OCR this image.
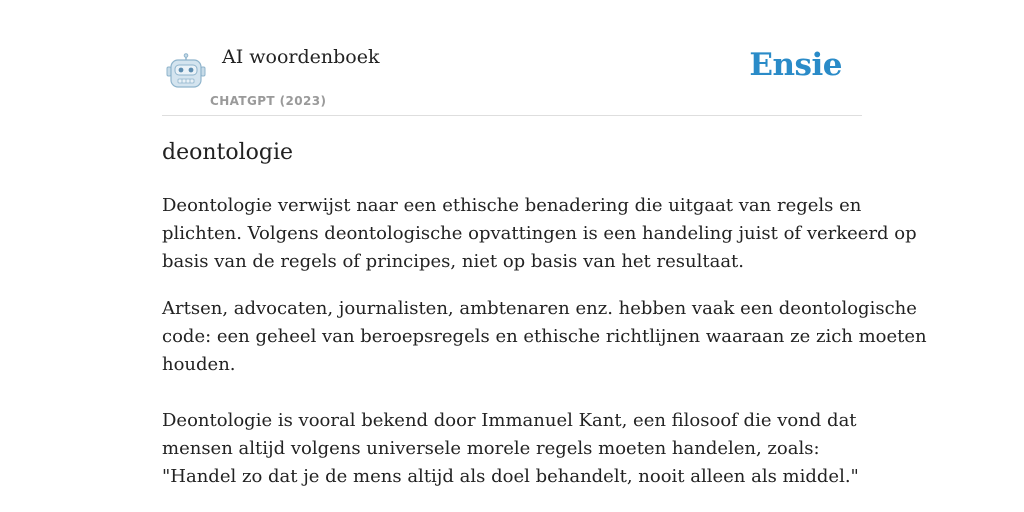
AI woordenboek
CHATGPT (2023)
Ensie
deontologie

Deontologie verwijst naar een ethische benadering die uitgaat van regels en
plichten. Volgens deontologische opvattingen is een handeling juist of verkeerd op
basis van de regels of principes, niet op basis van het resultaat.

Artsen, advocaten, journalisten, ambtenaren enz. hebben vaak een deontologische
code: een geheel van beroepsregels en ethische richtlijnen waaraan ze zich moeten
houden.

Deontologie is vooral bekend door Immanuel Kant, een filosoof die vond dat
mensen altijd volgens universele morele regels moeten handelen, zoals:
"Handel zo dat je de mens altijd als doel behandelt, nooit alleen als middel."
